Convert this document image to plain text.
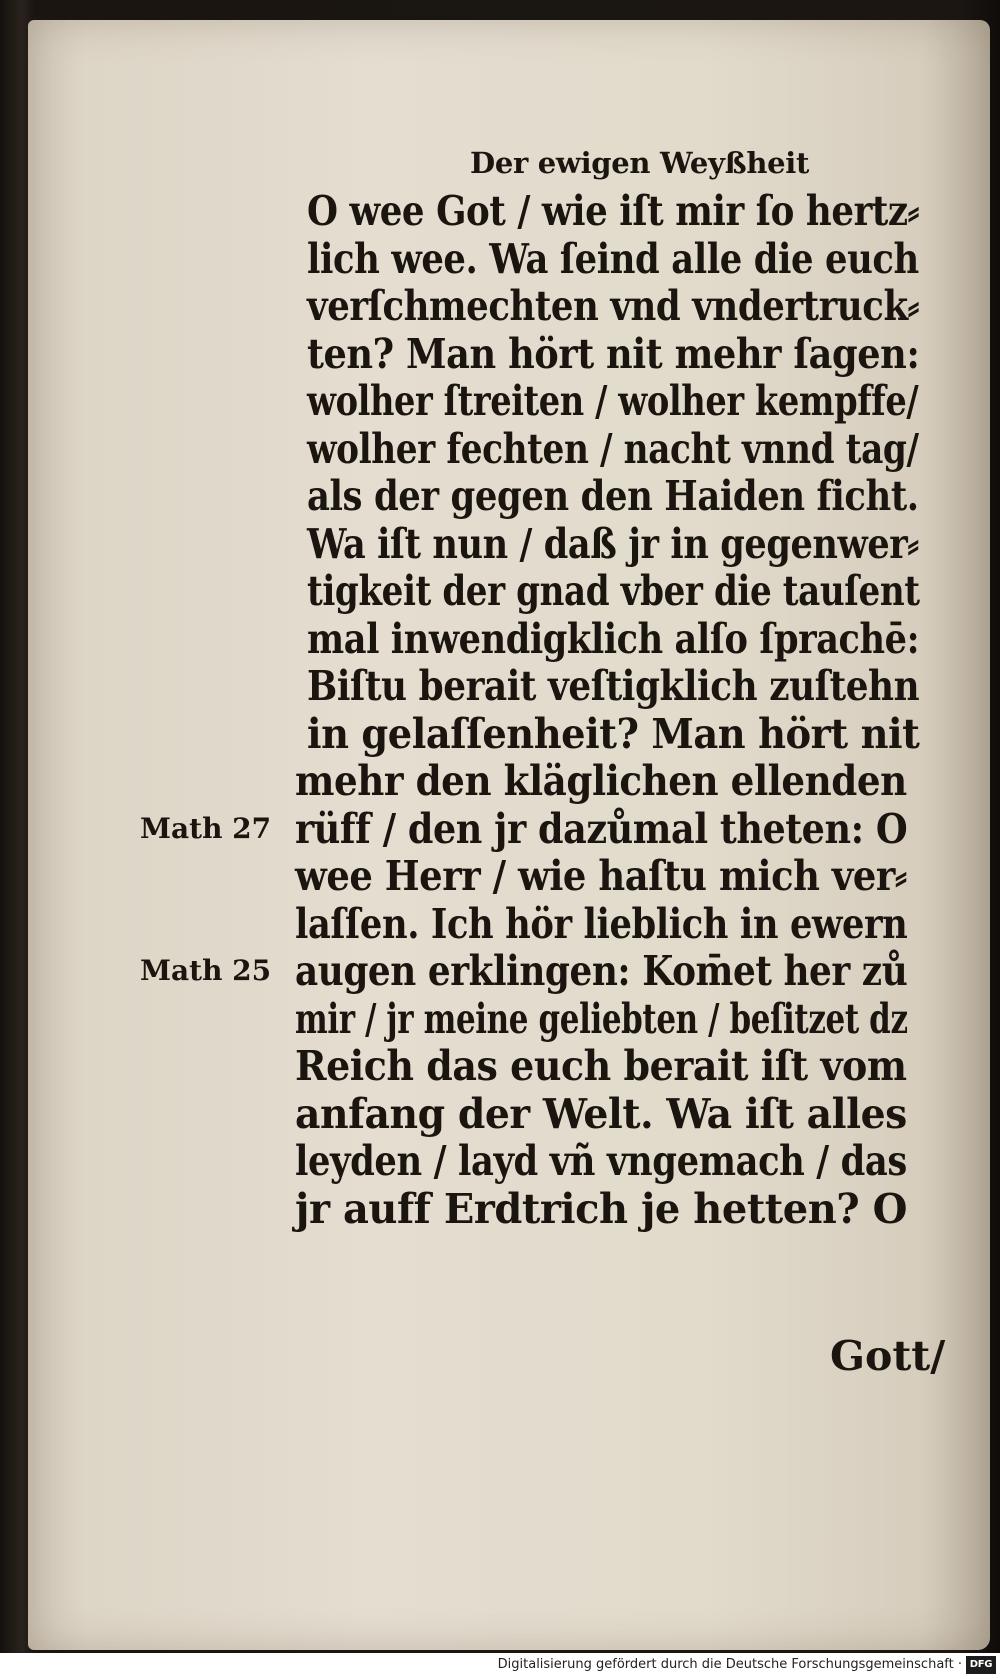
Der ewigen Weyßheit
O wee Got / wie iſt mir ſo hertz⸗
lich wee. Wa ſeind alle die euch
verſchmechten vnd vndertruck⸗
ten? Man hört nit mehr ſagen:
wolher ſtreiten / wolher kempffe/
wolher fechten / nacht vnnd tag/
als der gegen den Haiden ficht.
Wa iſt nun / daß jr in gegenwer⸗
tigkeit der gnad vber die tauſent
mal inwendigklich alſo ſprachē:
Biſtu berait veſtigklich zuſtehn
in gelaſſenheit? Man hört nit
mehr den kläglichen ellenden
rüff / den jr dazůmal theten: O
wee Herr / wie haſtu mich ver⸗
laſſen. Ich hör lieblich in ewern
augen erklingen: Kom̄et her zů
mir / jr meine geliebten / beſitzet dz
Reich das euch berait iſt vom
anfang der Welt. Wa iſt alles
leyden / layd vñ vngemach / das
jr auff Erdtrich je hetten? O
Gott/
Math 27
Math 25
Digitalisierung gefördert durch die Deutsche Forschungsgemeinschaft · DFG
